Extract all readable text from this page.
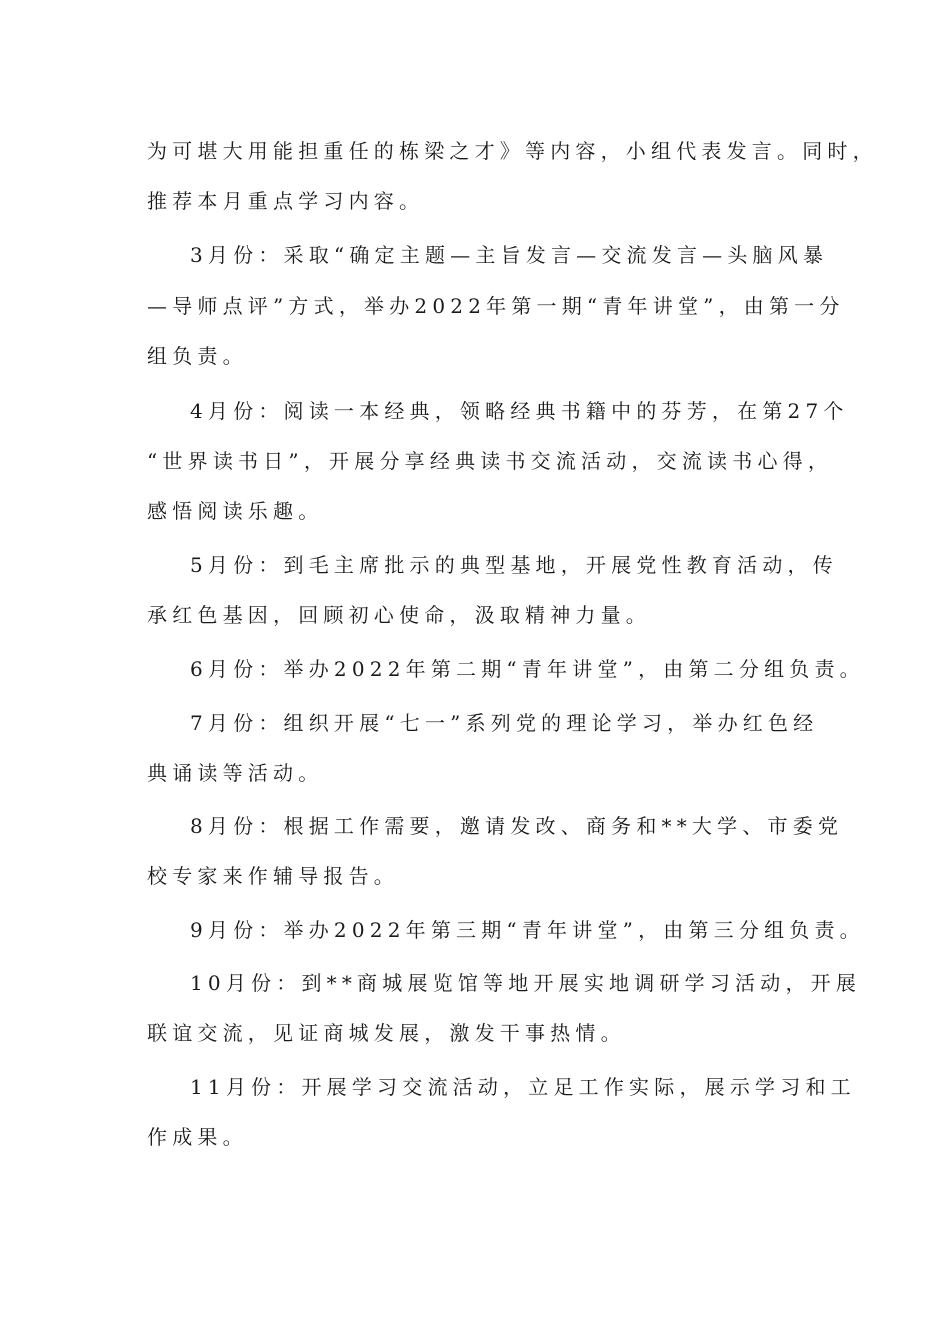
为可堪大用能担重任的栋梁之才》等内容，小组代表发言。同时，
推荐本月重点学习内容。
3月份：采取“确定主题—主旨发言—交流发言—头脑风暴
—导师点评”方式，举办2022年第一期“青年讲堂”，由第一分
组负责。
4月份：阅读一本经典，领略经典书籍中的芬芳，在第27个
“世界读书日”，开展分享经典读书交流活动，交流读书心得，
感悟阅读乐趣。
5月份：到毛主席批示的典型基地，开展党性教育活动，传
承红色基因，回顾初心使命，汲取精神力量。
6月份：举办2022年第二期“青年讲堂”，由第二分组负责。
7月份：组织开展“七一”系列党的理论学习，举办红色经
典诵读等活动。
8月份：根据工作需要，邀请发改、商务和**大学、市委党
校专家来作辅导报告。
9月份：举办2022年第三期“青年讲堂”，由第三分组负责。
10月份：到**商城展览馆等地开展实地调研学习活动，开展
联谊交流，见证商城发展，激发干事热情。
11月份：开展学习交流活动，立足工作实际，展示学习和工
作成果。
